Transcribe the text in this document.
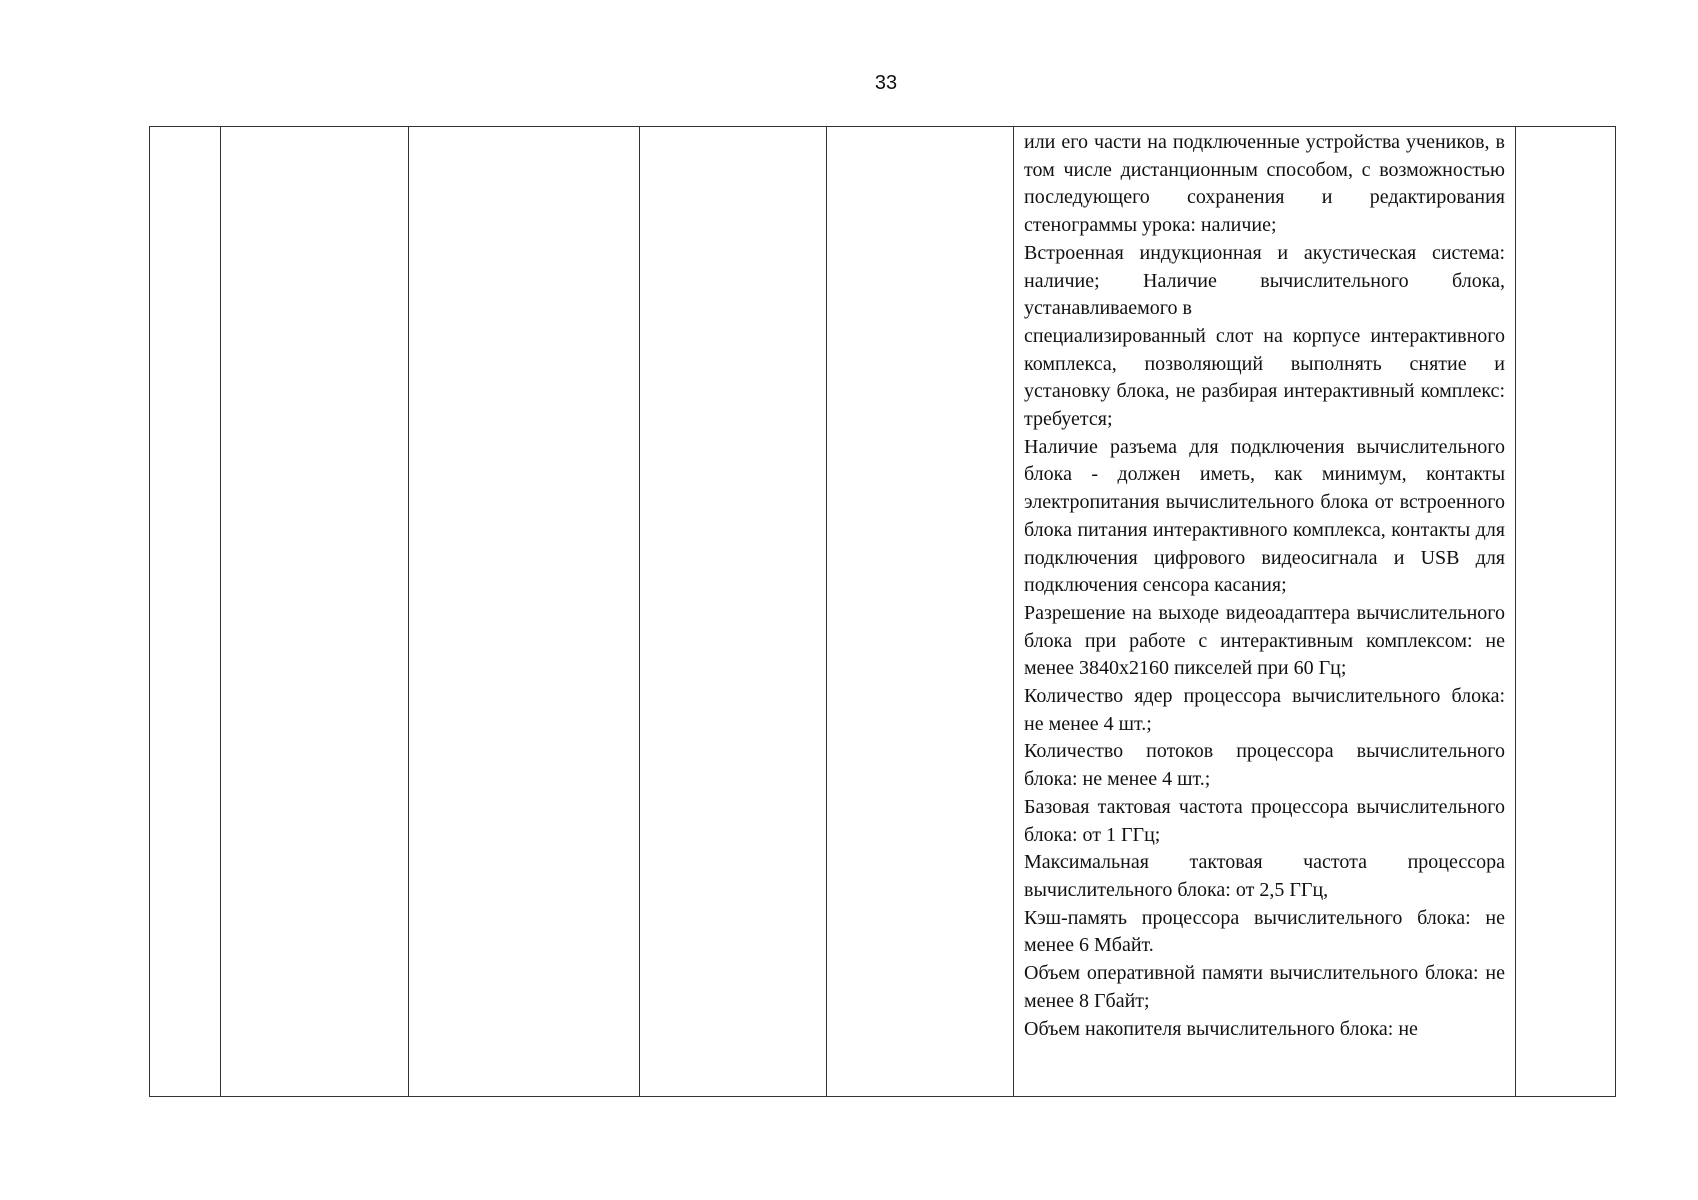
33

или его части на подключенные устройства учеников, в том числе дистанционным способом, с возможностью последующего сохранения и редактирования стенограммы урока: наличие;

Встроенная индукционная и акустическая система: наличие; Наличие вычислительного блока, устанавливаемого в

специализированный слот на корпусе интерактивного комплекса, позволяющий выполнять снятие и установку блока, не разбирая интерактивный комплекс: требуется;

Наличие разъема для подключения вычислительного блока - должен иметь, как минимум, контакты электропитания вычислительного блока от встроенного блока питания интерактивного комплекса, контакты для подключения цифрового видеосигнала и USB для подключения сенсора касания;

Разрешение на выходе видеоадаптера вычислительного блока при работе с интерактивным комплексом: не менее 3840x2160 пикселей при 60 Гц;

Количество ядер процессора вычислительного блока: не менее 4 шт.;

Количество потоков процессора вычислительного блока: не менее 4 шт.;

Базовая тактовая частота процессора вычислительного блока: от 1 ГГц;

Максимальная тактовая частота процессора вычислительного блока: от 2,5 ГГц,

Кэш-память процессора вычислительного блока: не менее 6 Мбайт.

Объем оперативной памяти вычислительного блока: не менее 8 Гбайт;

Объем накопителя вычислительного блока: не
